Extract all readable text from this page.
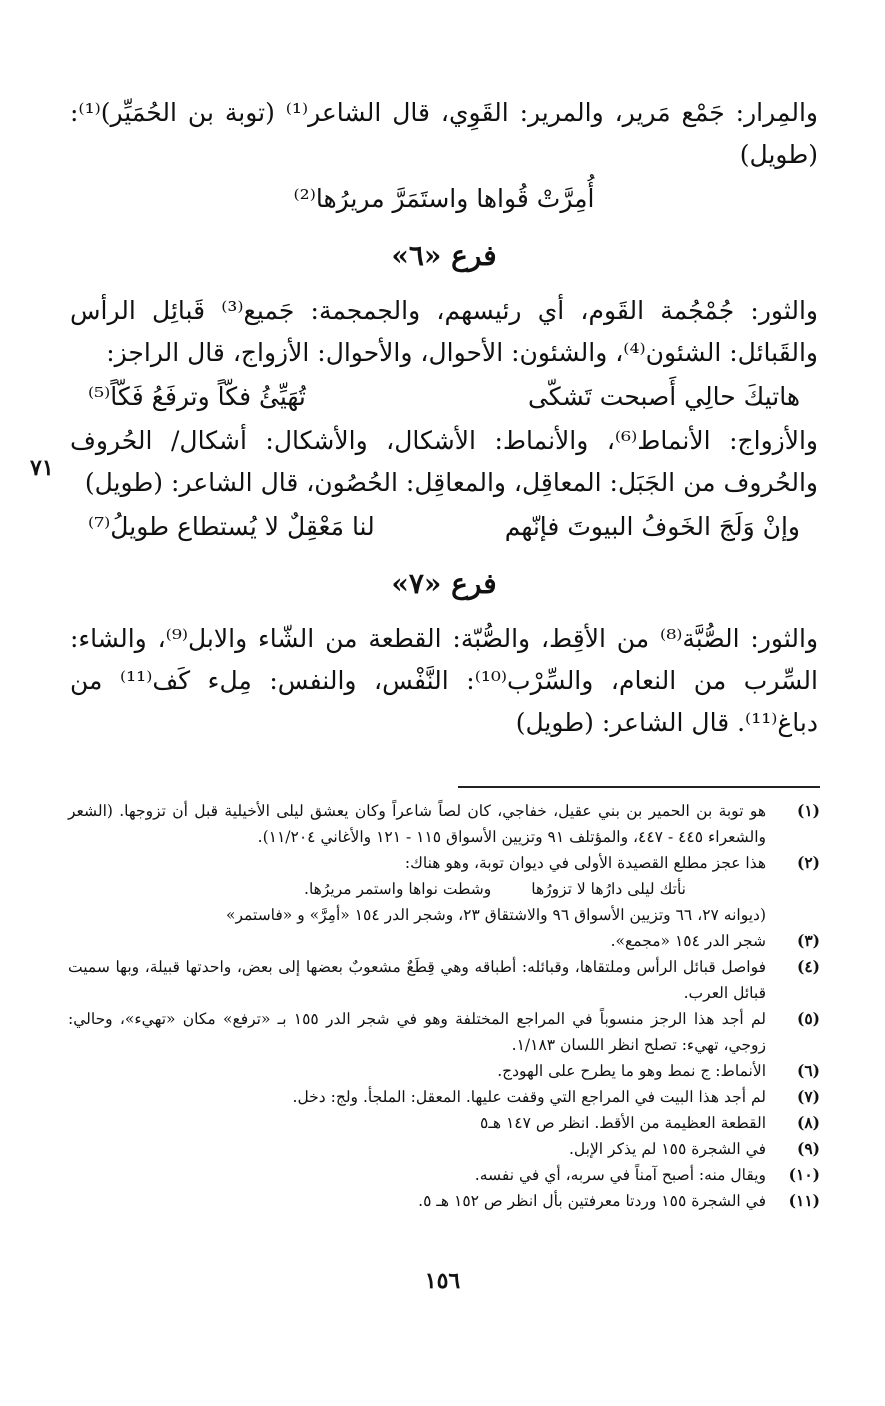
والمِرار: جَمْع مَرير، والمرير: القَوِي، قال الشاعر⁽¹⁾ (توبة بن الحُمَيِّر)⁽¹⁾: (طويل)

أُمِرَّتْ قُواها واستَمَرَّ مريرُها⁽²⁾

فرع «٦»

والثور: جُمْجُمة القَوم، أي رئيسهم، والجمجمة: جَميع⁽³⁾ قَبائِل الرأس والقَبائل: الشئون⁽⁴⁾، والشئون: الأحوال، والأحوال: الأزواج، قال الراجز:

هاتيكَ حالِي أَصبحت تَشكّى
تُهَيِّئُ فكّاً وترفَعُ فَكّاً⁽⁵⁾

والأزواج: الأنماط⁽⁶⁾، والأنماط: الأشكال، والأشكال: أشكال/ الحُروف والحُروف من الجَبَل: المعاقِل، والمعاقِل: الحُصُون، قال الشاعر: (طويل)

وإنْ وَلَجَ الخَوفُ البيوتَ فإنّهم
لنا مَعْقِلٌ لا يُستطاع طويلُ⁽⁷⁾
فرع «٧»

والثور: الصُّبَّة⁽⁸⁾ من الأقِط، والصُّبّة: القطعة من الشّاء والابل⁽⁹⁾، والشاء: السِّرب من النعام، والسِّرْب⁽¹⁰⁾: النَّفْس، والنفس: مِلء كَف⁽¹¹⁾ من دباغ⁽¹¹⁾. قال الشاعر: (طويل)

٧١
(١)
هو توبة بن الحمير بن بني عقيل، خفاجي، كان لصاً شاعراً وكان يعشق ليلى الأخيلية قبل أن تزوجها. (الشعر والشعراء ٤٤٥ - ٤٤٧، والمؤتلف ٩١ وتزيين الأسواق ١١٥ - ١٢١ والأغاني ١١/٢٠٤).
(٢)
هذا عجز مطلع القصيدة الأولى في ديوان توبة، وهو هناك:
نأتك ليلى دارُها لا تزورُها
وشطت نواها واستمر مريرُها.
(ديوانه ٢٧، ٦٦ وتزيين الأسواق ٩٦ والاشتقاق ٢٣، وشجر الدر ١٥٤ «أمِرَّ» و «فاستمر»
(٣)
شجر الدر ١٥٤ «مجمع».
(٤)
فواصل قبائل الرأس وملتقاها، وقبائله: أطباقه وهي قِطَعٌ مشعوبٌ بعضها إلى بعض، واحدتها قبيلة، وبها سميت قبائل العرب.
(٥)
لم أجد هذا الرجز منسوباً في المراجع المختلفة وهو في شجر الدر ١٥٥ بـ «ترفع» مكان «تهيء»، وحالي: زوجي، تهيء: تصلح انظر اللسان ١/١٨٣.
(٦)
الأنماط: ج نمط وهو ما يطرح على الهودج.
(٧)
لم أجد هذا البيت في المراجع التي وقفت عليها. المعقل: الملجأ. ولج: دخل.
(٨)
القطعة العظيمة من الأقط. انظر ص ١٤٧ هـ٥
(٩)
في الشجرة ١٥٥ لم يذكر الإبل.
(١٠)
ويقال منه: أصبح آمناً في سربه، أي في نفسه.
(١١)
في الشجرة ١٥٥ وردتا معرفتين بأل انظر ص ١٥٢ هـ ٥.
١٥٦
